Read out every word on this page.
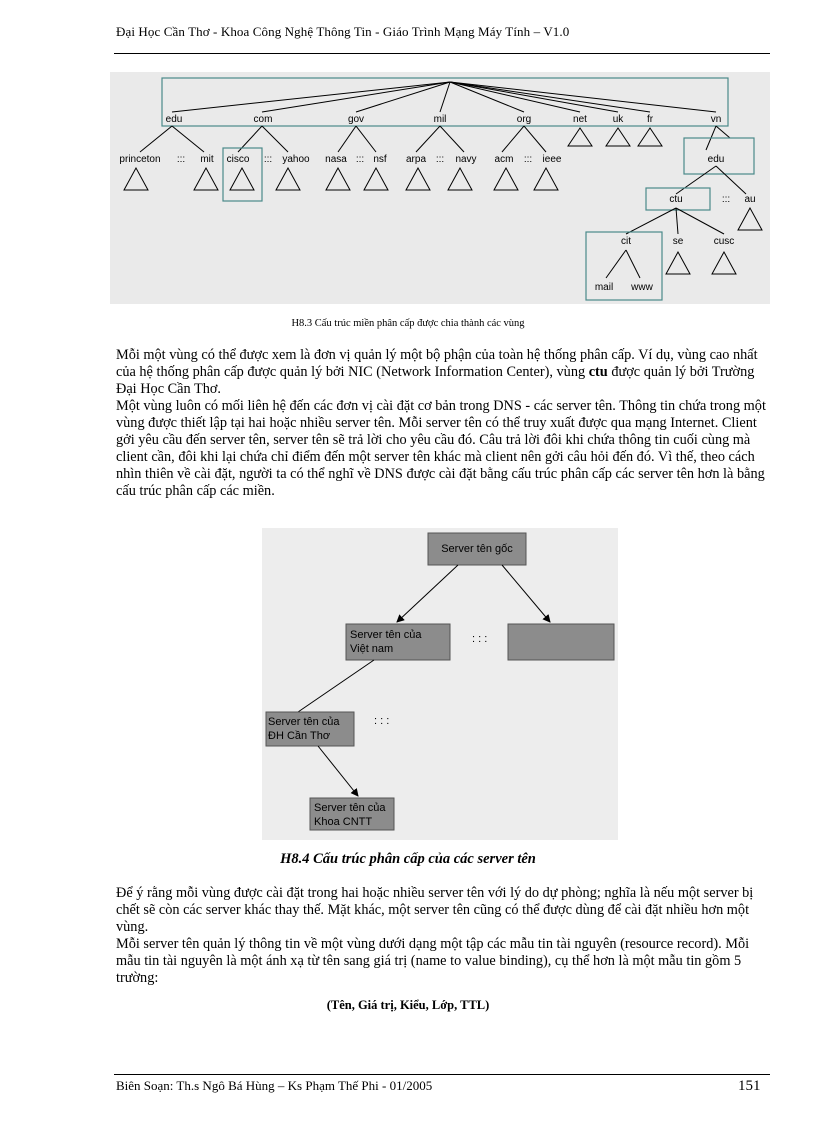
Đại Học Cần Thơ - Khoa Công Nghệ Thông Tin - Giáo Trình Mạng Máy Tính – V1.0
edu	com	gov	mil	org	net	uk fr	vn
princeton ::: mit cisco ::: yahoo nasa ::: nsf arpa ::: navy acm ::: ieee	edu
ctu	::: au
cit	se	cusc
mail www
H8.3 Cấu trúc miền phân cấp được chia thành các vùng

Mỗi một vùng có thể được xem là đơn vị quản lý một bộ phận của toàn hệ thống phân cấp. Ví dụ, vùng cao nhất của hệ thống phân cấp được quản lý bởi NIC (Network Information Center), vùng ctu được quản lý bởi Trường Đại Học Cần Thơ.

Một vùng luôn có mối liên hệ đến các đơn vị cài đặt cơ bản trong DNS - các server tên. Thông tin chứa trong một vùng được thiết lập tại hai hoặc nhiều server tên. Mỗi server tên có thể truy xuất được qua mạng Internet. Client gởi yêu cầu đến server tên, server tên sẽ trả lời cho yêu cầu đó. Câu trả lời đôi khi chứa thông tin cuối cùng mà client cần, đôi khi lại chứa chỉ điểm đến một server tên khác mà client nên gởi câu hỏi đến đó. Vì thế, theo cách nhìn thiên về cài đặt, người ta có thể nghĩ về DNS được cài đặt bằng cấu trúc phân cấp các server tên hơn là bằng cấu trúc phân cấp các miền.

Server tên gốc
Server tên của
Việt nam
: : :
Server tên của
ĐH Cần Thơ
: : :
Server tên của
Khoa CNTT
H8.4 Cấu trúc phân cấp của các server tên

Để ý rằng mỗi vùng được cài đặt trong hai hoặc nhiều server tên với lý do dự phòng; nghĩa là nếu một server bị chết sẽ còn các server khác thay thế. Mặt khác, một server tên cũng có thể được dùng để cài đặt nhiều hơn một vùng.

Mỗi server tên quản lý thông tin về một vùng dưới dạng một tập các mẫu tin tài nguyên (resource record). Mỗi mẫu tin tài nguyên là một ánh xạ từ tên sang giá trị (name to value binding), cụ thể hơn là một mẫu tin gồm 5 trường:

(Tên, Giá trị, Kiểu, Lớp, TTL)
Biên Soạn: Th.s Ngô Bá Hùng – Ks Phạm Thế Phi - 01/2005	151
